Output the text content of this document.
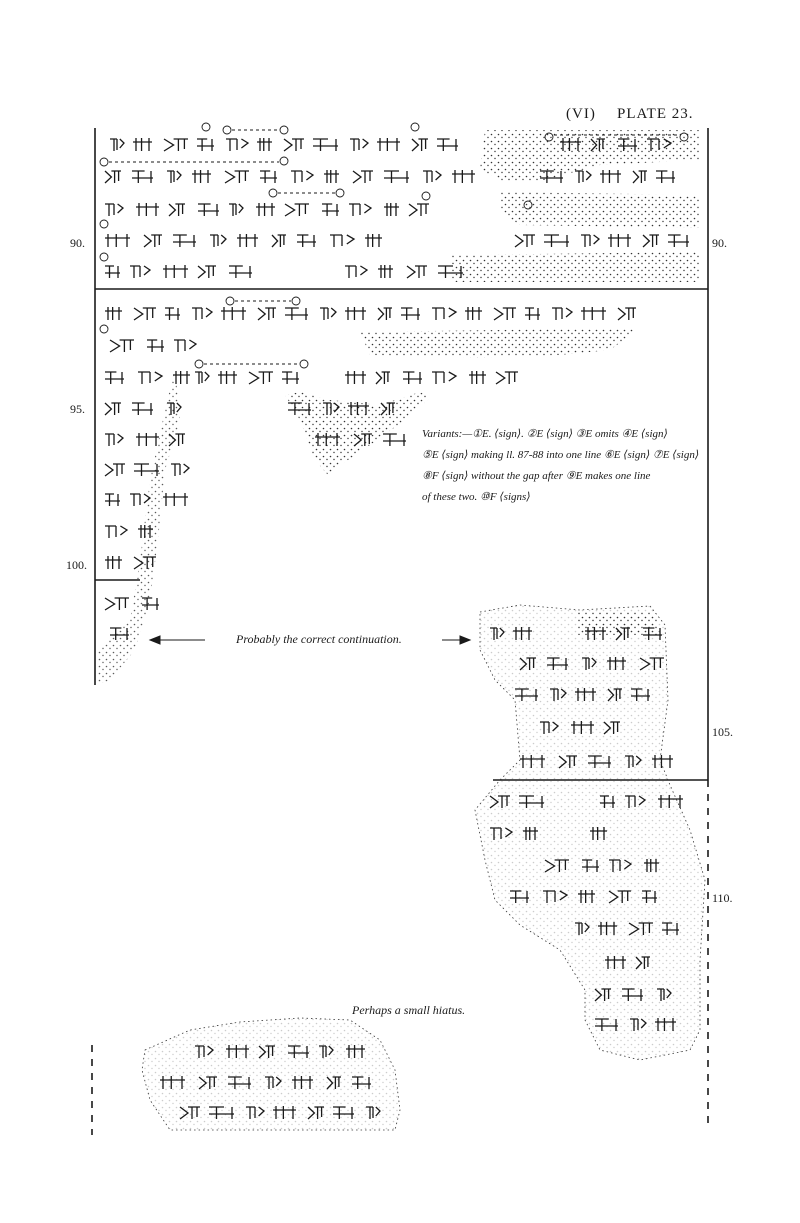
(VI) PLATE 23.
90.	90.
95.
100.
105.
110.
Variants:—①E. ⟨sign⟩. ②E ⟨sign⟩ ③E omits ④E ⟨sign⟩
⑤E ⟨sign⟩ making ll. 87-88 into one line ⑥E ⟨sign⟩ ⑦E ⟨sign⟩
⑧F ⟨sign⟩ without the gap after ⑨E makes one line
of these two. ⑩F ⟨signs⟩
Probably the correct continuation.
Perhaps a small hiatus.
